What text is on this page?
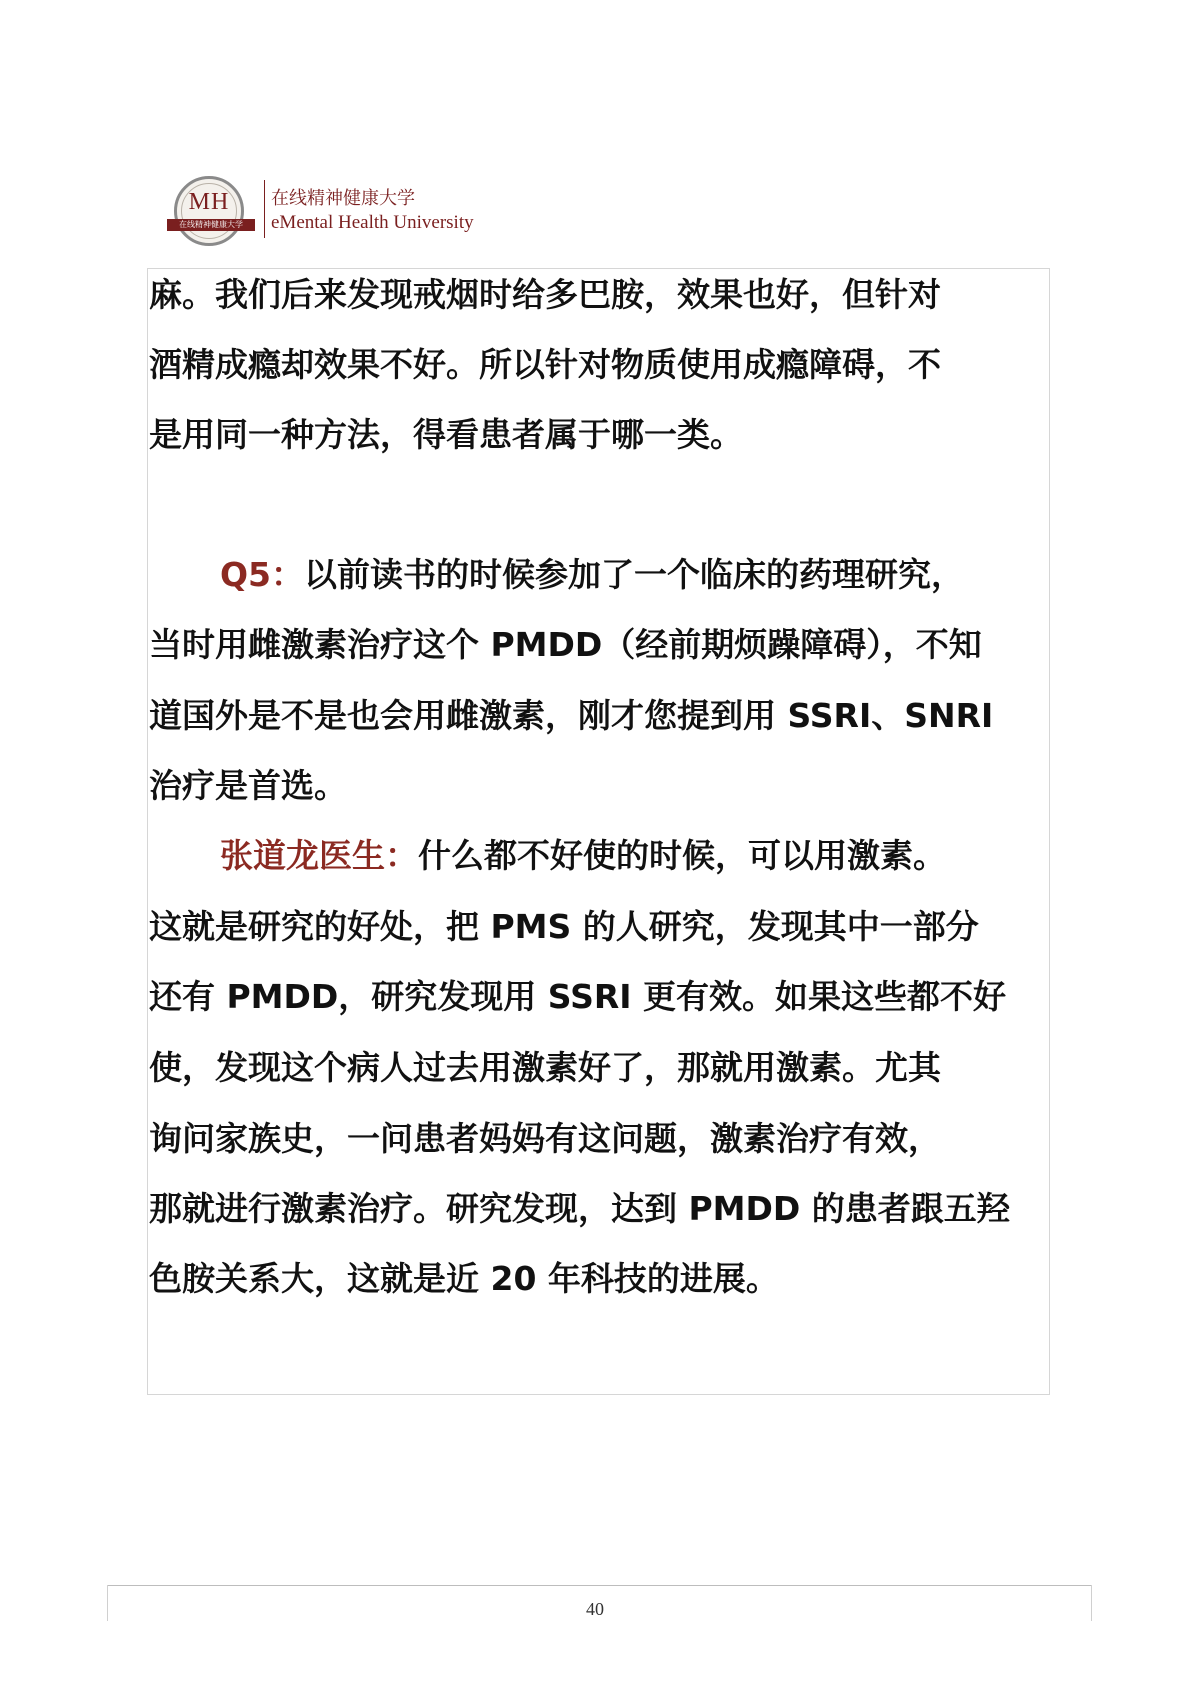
MH
在线精神健康大学
在线精神健康大学
eMental Health University
麻。我们后来发现戒烟时给多巴胺，效果也好，但针对
酒精成瘾却效果不好。所以针对物质使用成瘾障碍，不
是用同一种方法，得看患者属于哪一类。
Q5：以前读书的时候参加了一个临床的药理研究，
当时用雌激素治疗这个 PMDD（经前期烦躁障碍），不知
道国外是不是也会用雌激素，刚才您提到用 SSRI、SNRI
治疗是首选。
张道龙医生：什么都不好使的时候，可以用激素。
这就是研究的好处，把 PMS 的人研究，发现其中一部分
还有 PMDD，研究发现用 SSRI 更有效。如果这些都不好
使，发现这个病人过去用激素好了，那就用激素。尤其
询问家族史，一问患者妈妈有这问题，激素治疗有效，
那就进行激素治疗。研究发现，达到 PMDD 的患者跟五羟
色胺关系大，这就是近 20 年科技的进展。
40
